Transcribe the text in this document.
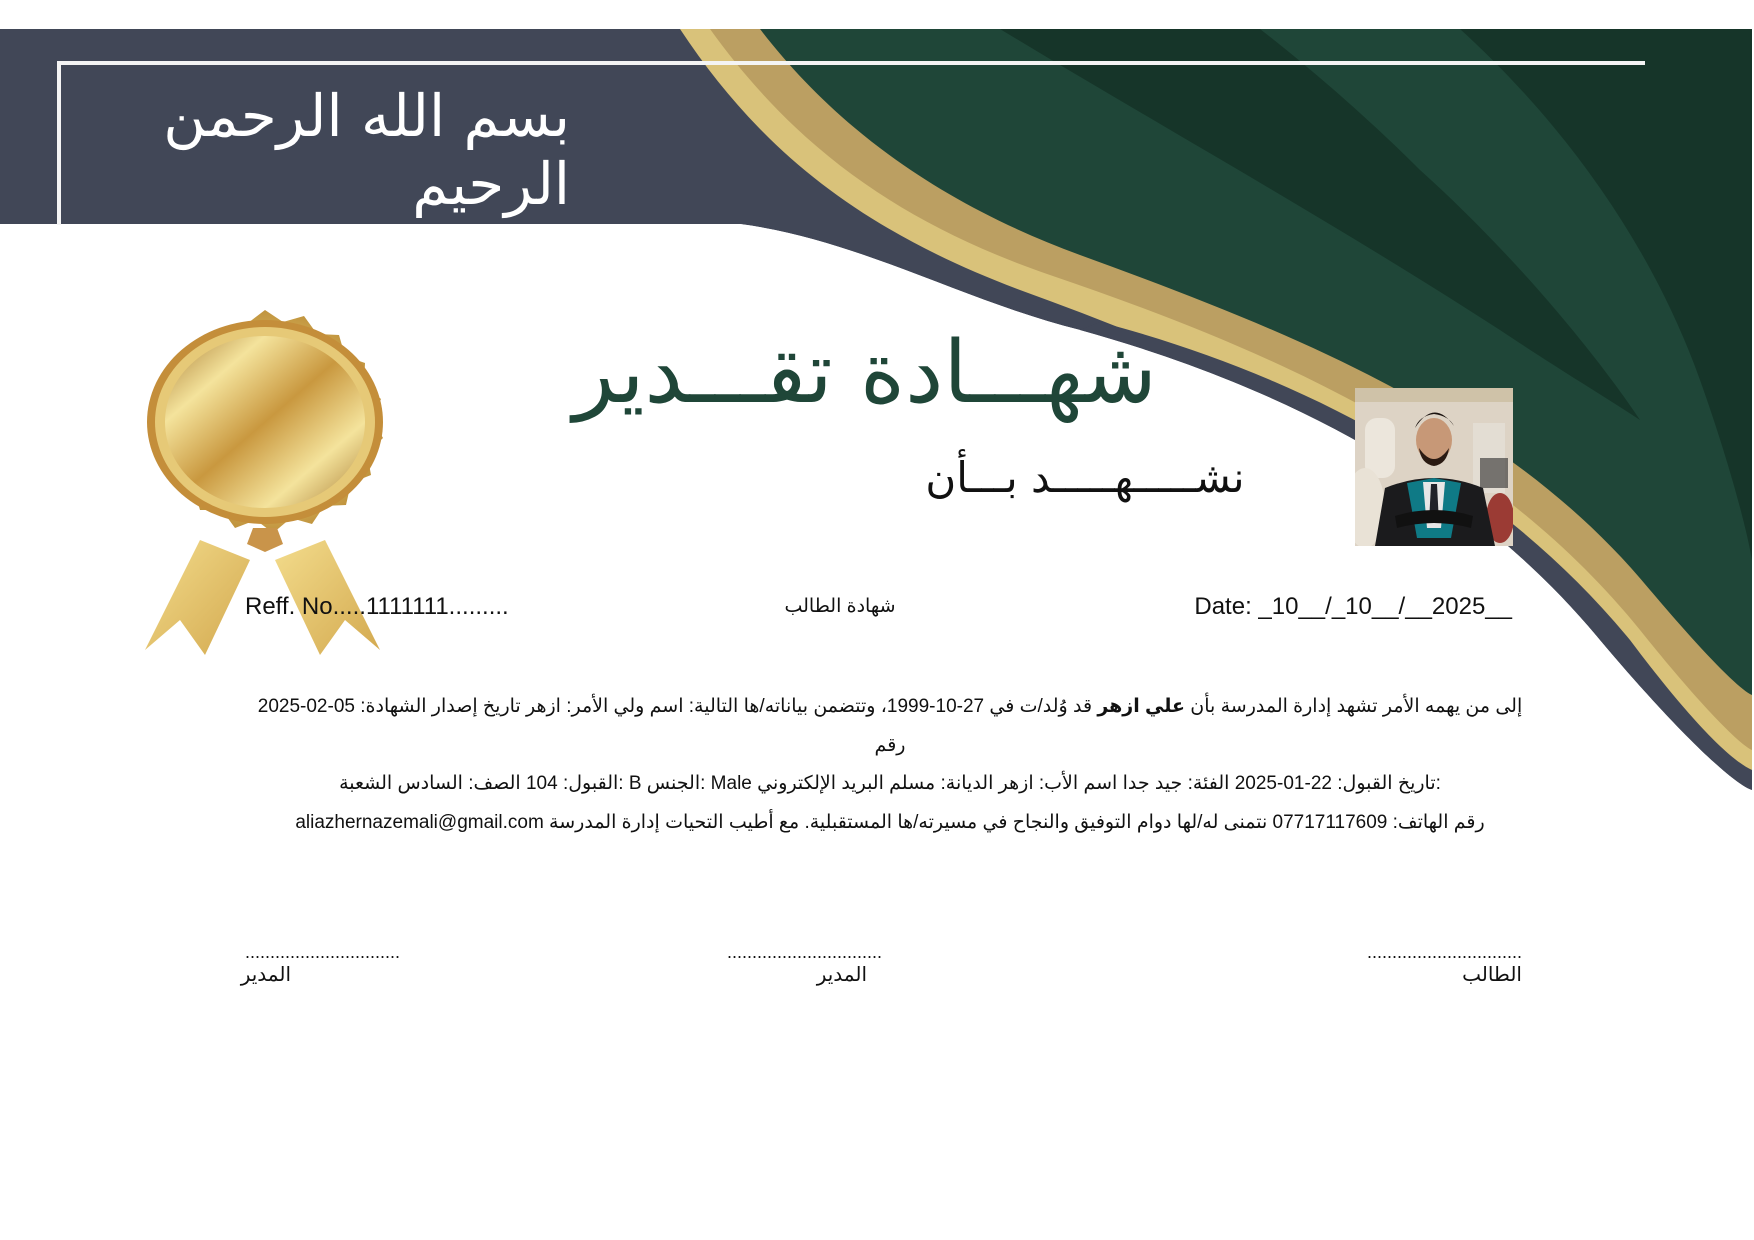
بسم الله الرحمن الرحيم
شهـــادة تقـــدير
نشـــــهـــــد بـــأن
Reff. No.....1111111.........	شهادة الطالب	Date: _10__/_10__/__2025__
إلى من يهمه الأمر تشهد إدارة المدرسة بأن علي ازهر قد وُلد/ت في 27-10-1999، وتتضمن بياناته/ها التالية: اسم ولي الأمر: ازهر تاريخ إصدار الشهادة: 05-02-2025 رقم
:تاريخ القبول: 22-01-2025 الفئة: جيد جدا اسم الأب: ازهر الديانة: مسلم البريد الإلكتروني Male :الجنس B :القبول: 104 الصف: السادس الشعبة
رقم الهاتف: 07717117609 نتمنى له/لها دوام التوفيق والنجاح في مسيرته/ها المستقبلية. مع أطيب التحيات إدارة المدرسة aliazhernazemali@gmail.com
...............................
المدير
...............................
المدير
...............................
الطالب
